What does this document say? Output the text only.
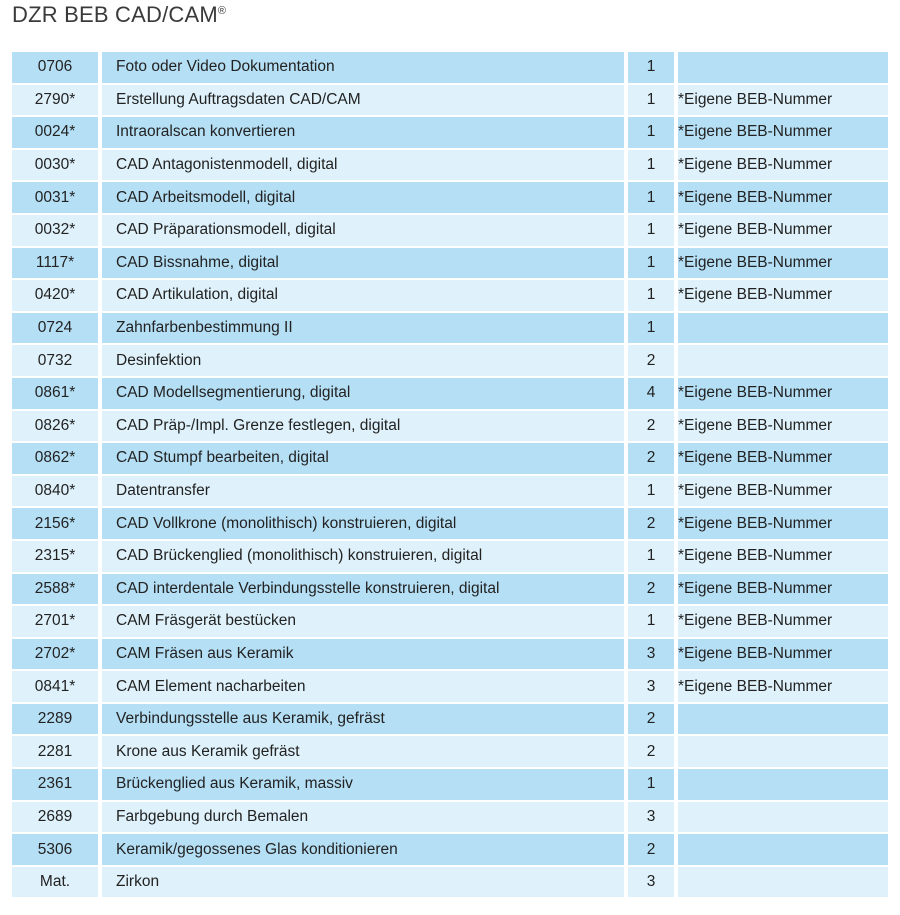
DZR BEB CAD/CAM®
0706	Foto oder Video Dokumentation	1
2790*	Erstellung Auftragsdaten CAD/CAM	1	*Eigene BEB-Nummer
0024*	Intraoralscan konvertieren	1	*Eigene BEB-Nummer
0030*	CAD Antagonistenmodell, digital	1	*Eigene BEB-Nummer
0031*	CAD Arbeitsmodell, digital	1	*Eigene BEB-Nummer
0032*	CAD Präparationsmodell, digital	1	*Eigene BEB-Nummer
1117*	CAD Bissnahme, digital	1	*Eigene BEB-Nummer
0420*	CAD Artikulation, digital	1	*Eigene BEB-Nummer
0724	Zahnfarbenbestimmung II	1
0732	Desinfektion	2
0861*	CAD Modellsegmentierung, digital	4	*Eigene BEB-Nummer
0826*	CAD Präp-/Impl. Grenze festlegen, digital	2	*Eigene BEB-Nummer
0862*	CAD Stumpf bearbeiten, digital	2	*Eigene BEB-Nummer
0840*	Datentransfer	1	*Eigene BEB-Nummer
2156*	CAD Vollkrone (monolithisch) konstruieren, digital	2	*Eigene BEB-Nummer
2315*	CAD Brückenglied (monolithisch) konstruieren, digital	1	*Eigene BEB-Nummer
2588*	CAD interdentale Verbindungsstelle konstruieren, digital	2	*Eigene BEB-Nummer
2701*	CAM Fräsgerät bestücken	1	*Eigene BEB-Nummer
2702*	CAM Fräsen aus Keramik	3	*Eigene BEB-Nummer
0841*	CAM Element nacharbeiten	3	*Eigene BEB-Nummer
2289	Verbindungsstelle aus Keramik, gefräst	2
2281	Krone aus Keramik gefräst	2
2361	Brückenglied aus Keramik, massiv	1
2689	Farbgebung durch Bemalen	3
5306	Keramik/gegossenes Glas konditionieren	2
Mat.	Zirkon	3
